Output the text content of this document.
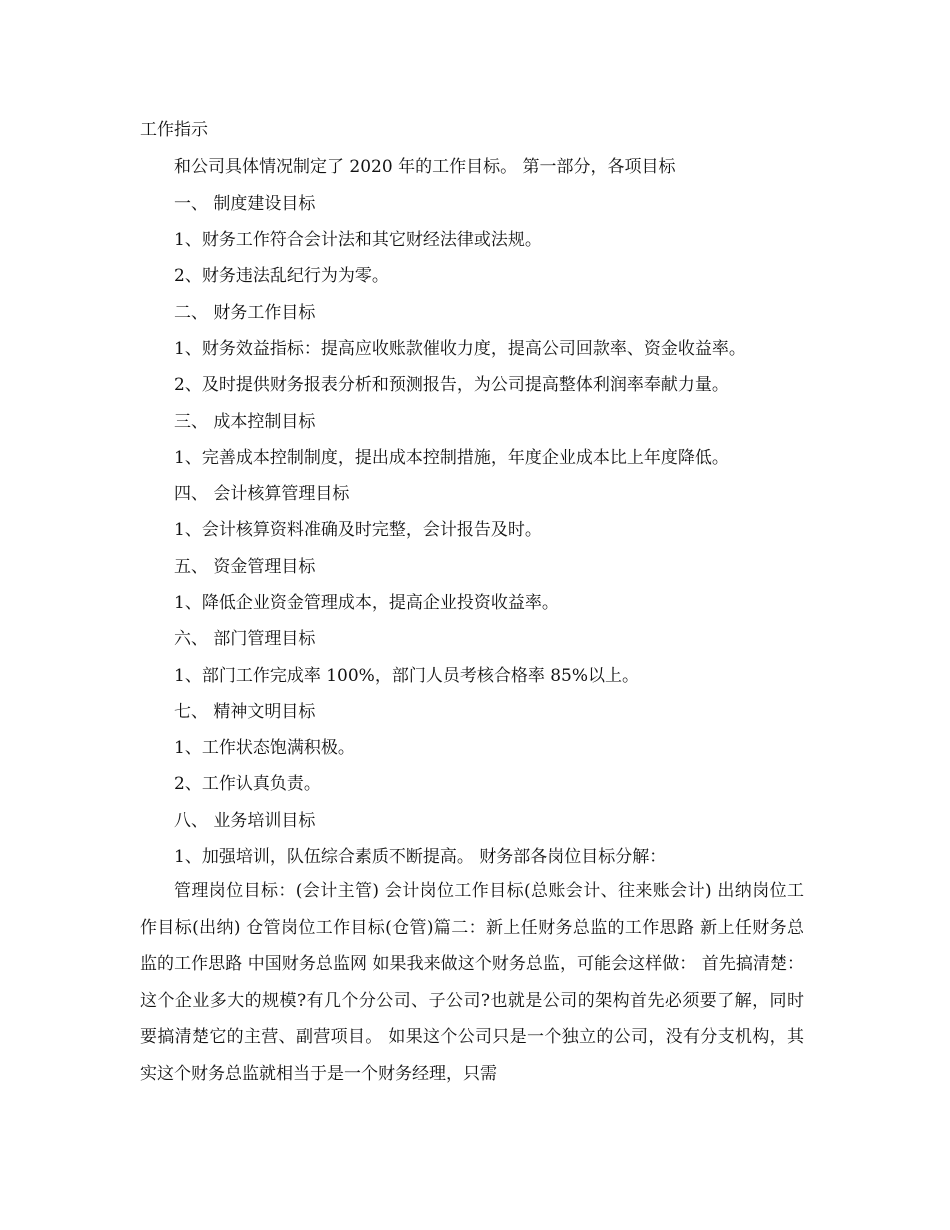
工作指示
和公司具体情况制定了 2020 年的工作目标。 第一部分，各项目标
一、 制度建设目标
1、财务工作符合会计法和其它财经法律或法规。
2、财务违法乱纪行为为零。
二、 财务工作目标
1、财务效益指标：提高应收账款催收力度，提高公司回款率、资金收益率。
2、及时提供财务报表分析和预测报告，为公司提高整体利润率奉献力量。
三、 成本控制目标
1、完善成本控制制度，提出成本控制措施，年度企业成本比上年度降低。
四、 会计核算管理目标
1、会计核算资料准确及时完整，会计报告及时。
五、 资金管理目标
1、降低企业资金管理成本，提高企业投资收益率。
六、 部门管理目标
1、部门工作完成率 100%，部门人员考核合格率 85%以上。
七、 精神文明目标
1、工作状态饱满积极。
2、工作认真负责。
八、 业务培训目标
1、加强培训，队伍综合素质不断提高。 财务部各岗位目标分解：
管理岗位目标：(会计主管) 会计岗位工作目标(总账会计、往来账会计) 出纳岗位工作目标(出纳) 仓管岗位工作目标(仓管)篇二：新上任财务总监的工作思路 新上任财务总监的工作思路 中国财务总监网 如果我来做这个财务总监，可能会这样做： 首先搞清楚：这个企业多大的规模?有几个分公司、子公司?也就是公司的架构首先必须要了解，同时要搞清楚它的主营、副营项目。 如果这个公司只是一个独立的公司，没有分支机构，其实这个财务总监就相当于是一个财务经理，只需
